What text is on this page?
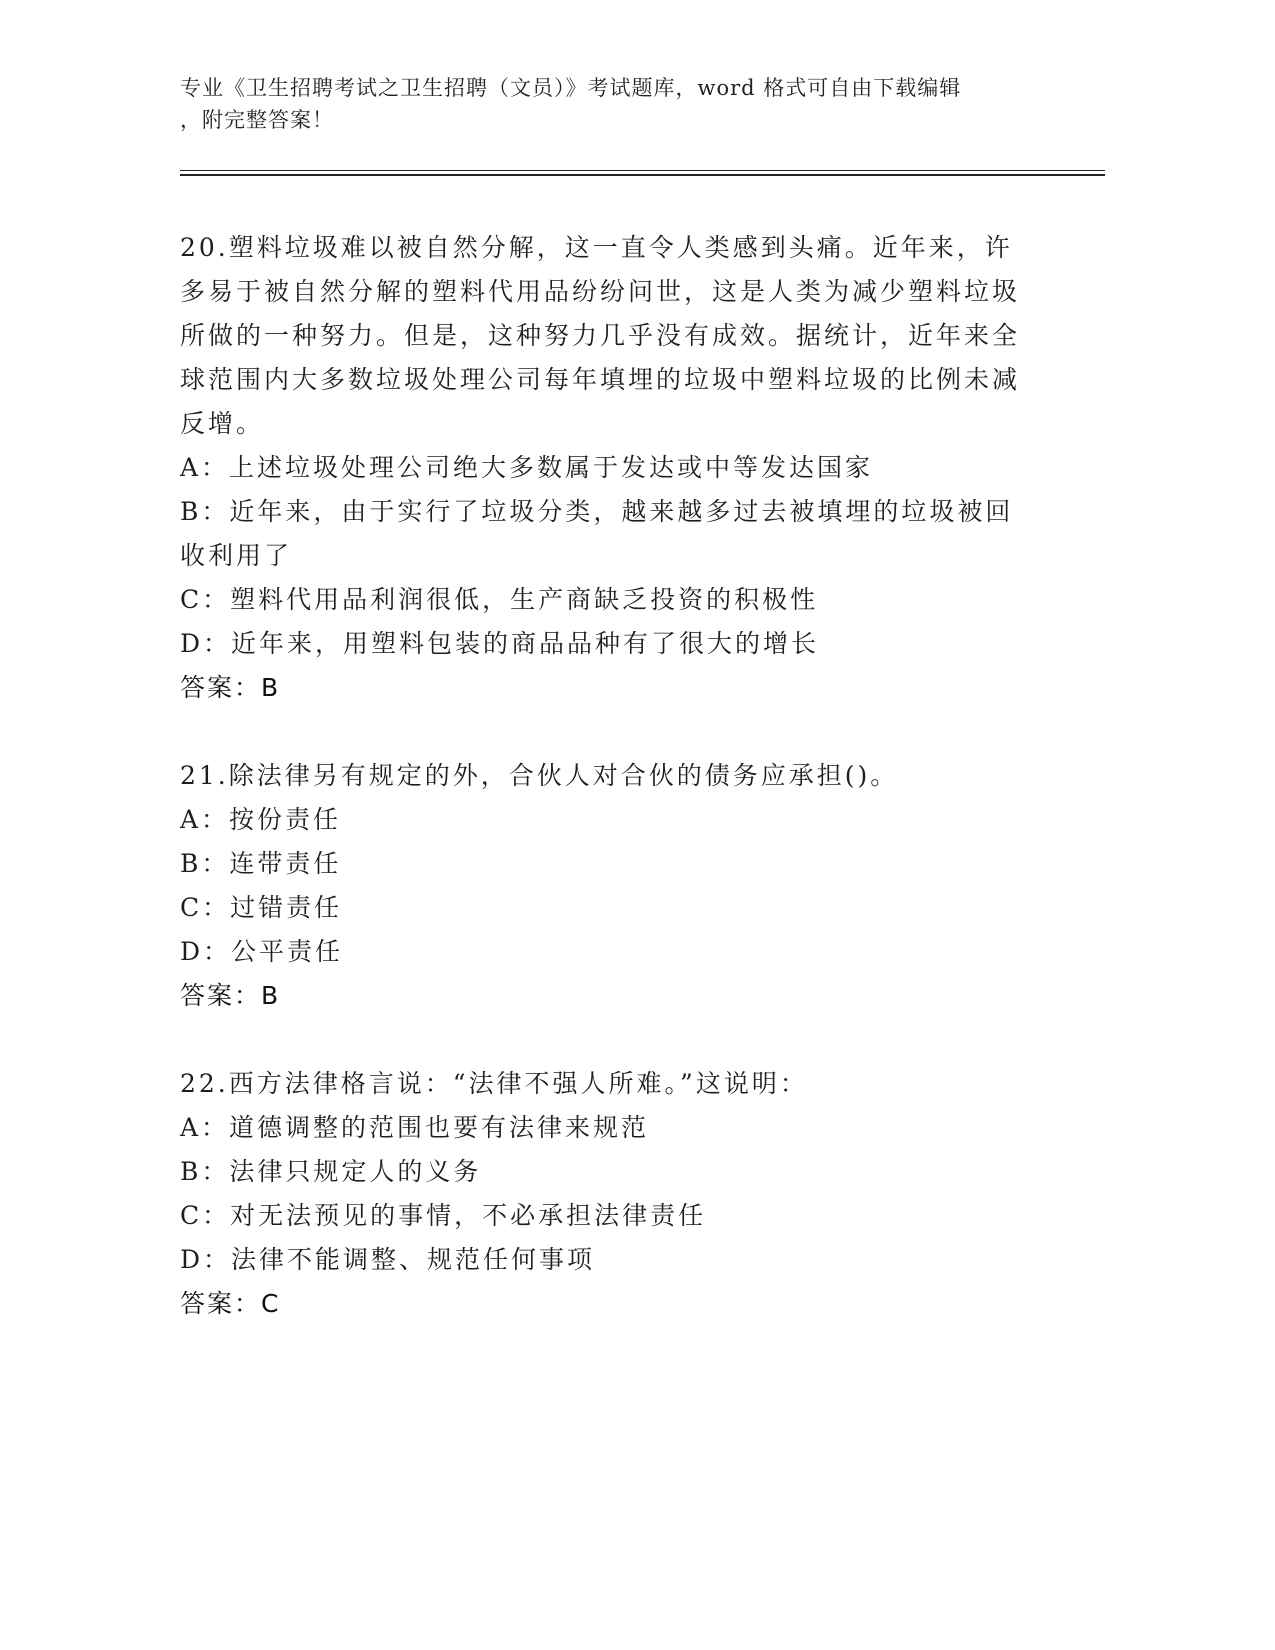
专业《卫生招聘考试之卫生招聘（文员）》考试题库，word 格式可自由下载编辑
，附完整答案！

20.塑料垃圾难以被自然分解，这一直令人类感到头痛。近年来，许多易于被自然分解的塑料代用品纷纷问世，这是人类为减少塑料垃圾所做的一种努力。但是，这种努力几乎没有成效。据统计，近年来全球范围内大多数垃圾处理公司每年填埋的垃圾中塑料垃圾的比例未减反增。

A：上述垃圾处理公司绝大多数属于发达或中等发达国家

B：近年来，由于实行了垃圾分类，越来越多过去被填埋的垃圾被回收利用了

C：塑料代用品利润很低，生产商缺乏投资的积极性

D：近年来，用塑料包装的商品品种有了很大的增长

答案：B

21.除法律另有规定的外，合伙人对合伙的债务应承担()。

A：按份责任

B：连带责任

C：过错责任

D：公平责任

答案：B

22.西方法律格言说：“法律不强人所难。”这说明：

A：道德调整的范围也要有法律来规范

B：法律只规定人的义务

C：对无法预见的事情，不必承担法律责任

D：法律不能调整、规范任何事项

答案：C
